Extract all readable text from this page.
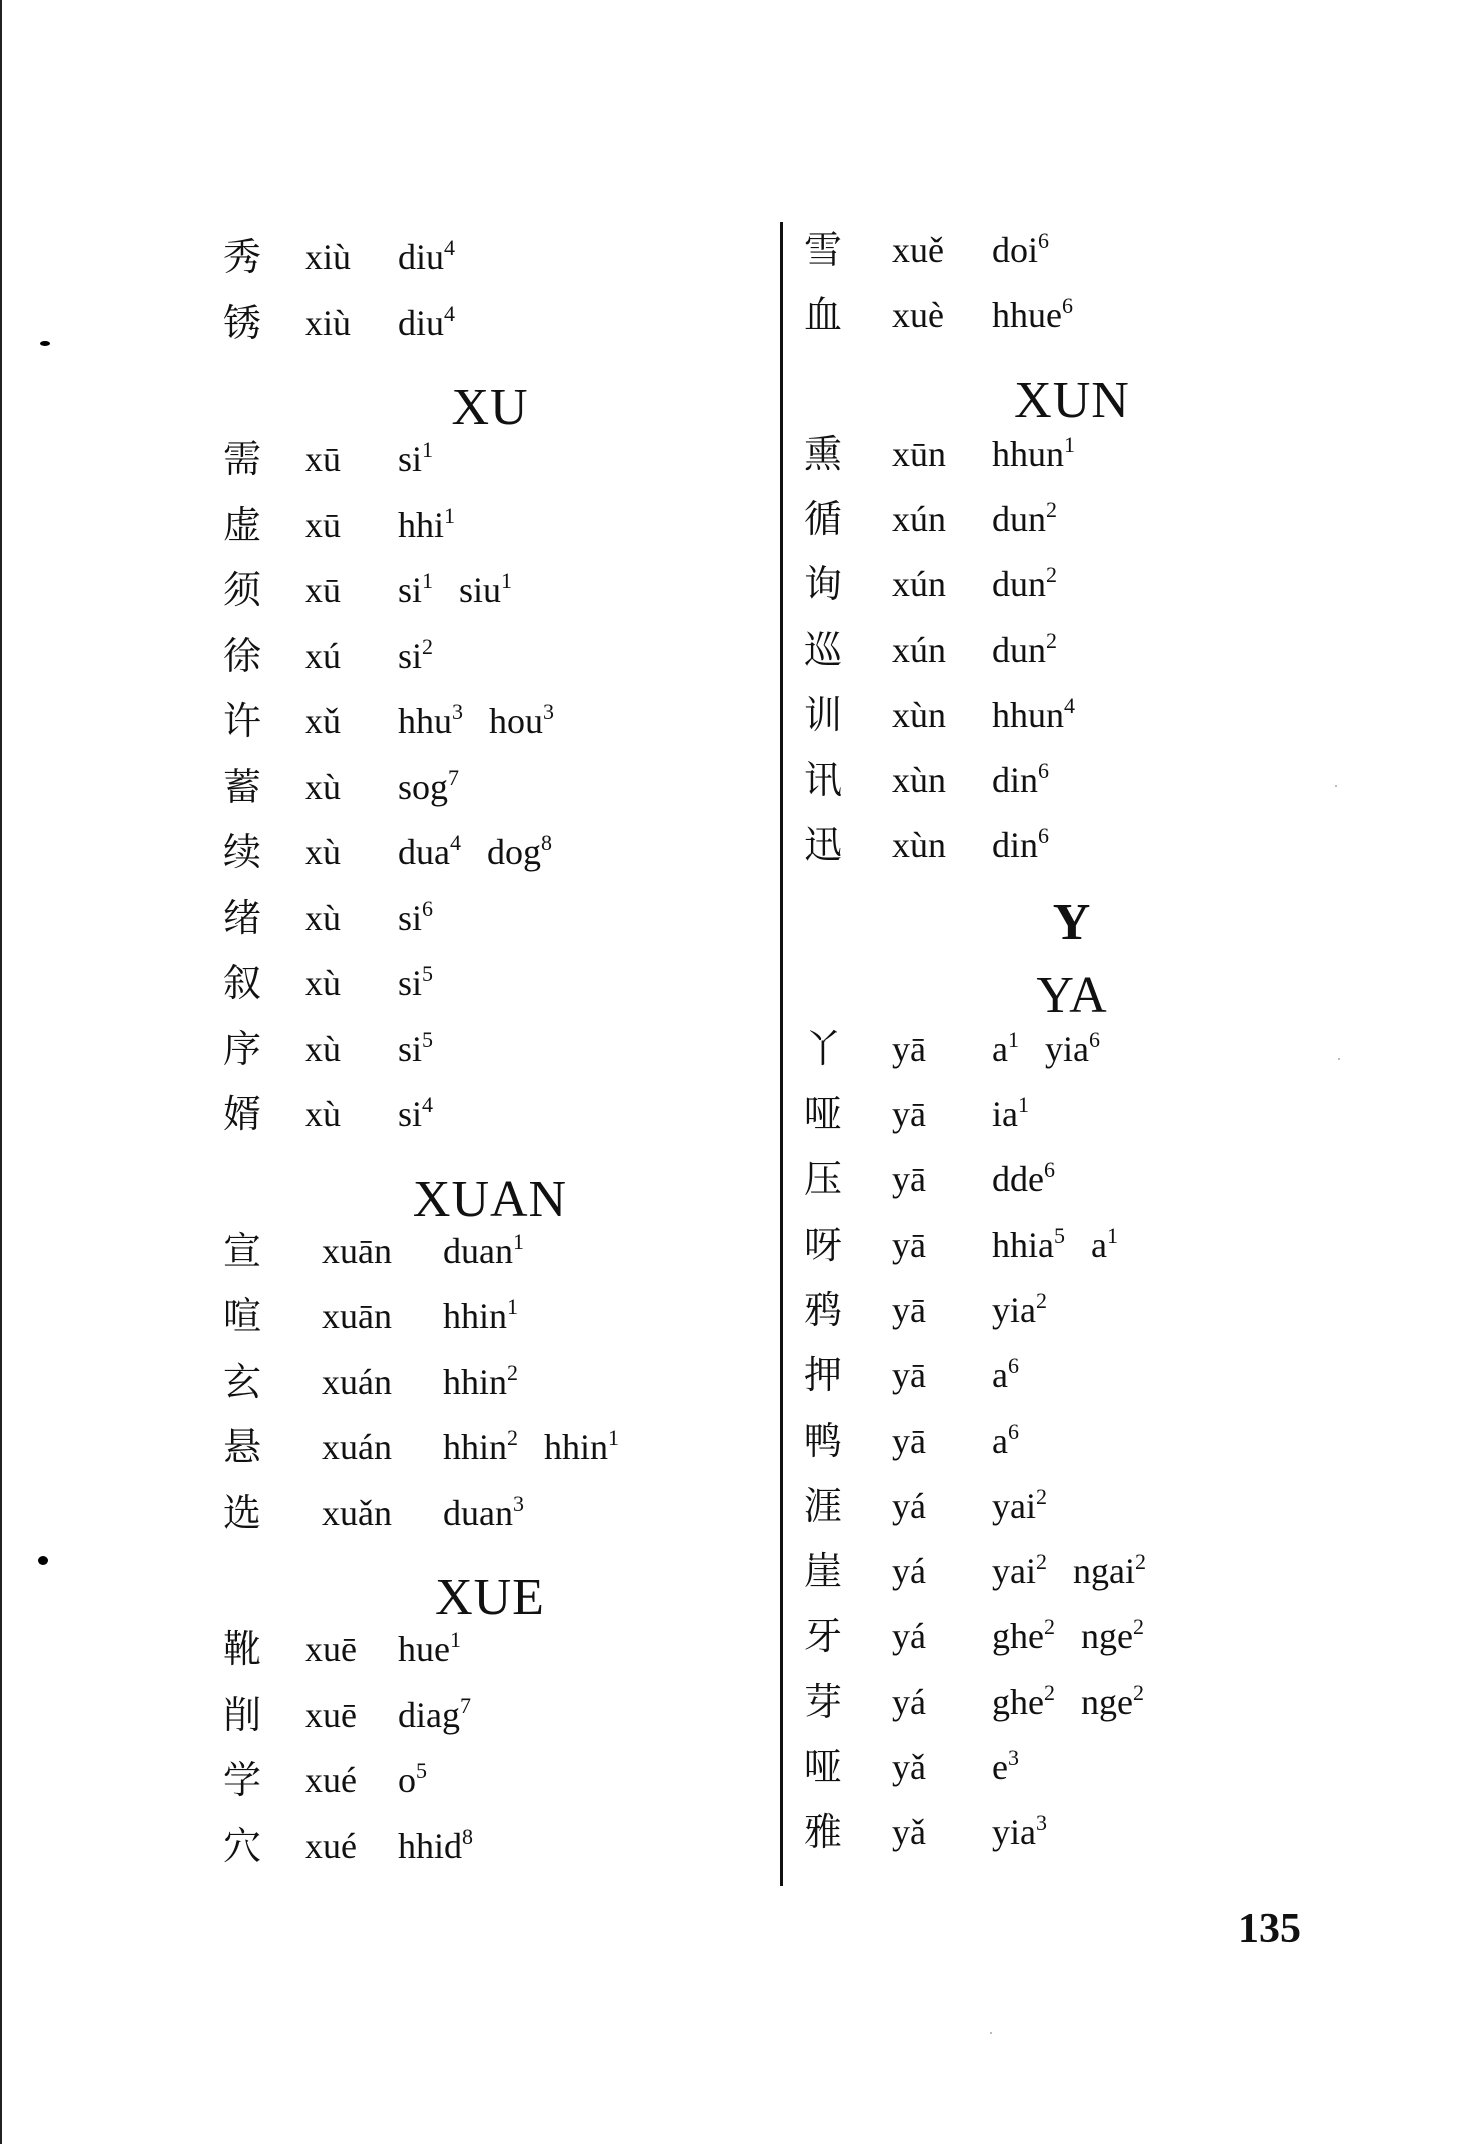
秀 xiù diu$^4$
锈 xiù diu$^4$
XU
需 xū $si^1$
虚 xū hhi$^1$
须 xū $si^1$ siu$^1$
徐 xú $si^2$
许 xǔ hhu$^3$ hou$^3$
蓄 xù sog$^7$
续 xù dua$^4$ dog$^8$
绪 xù $si^6$
叙 xù $si^5$
序 xù $si^5$
婿 xù $si^4$
XUAN
宣 xuān duan$^1$
喧 xuān hhin$^1$
玄 xuán hhin$^2$
悬 xuán hhin$^2$ hhin$^1$
选 xuǎn duan$^3$
XUE
靴 xuē hue$^1$
削 xuē diag$^7$
学 xué $o^5$
穴 xué hhid$^8$
雪 xuě doi$^6$
血 xuè hhue$^6$
XUN
熏 xūn hhun$^1$
循 xún dun$^2$
询 xún dun$^2$
巡 xún dun$^2$
训 xùn hhun$^4$
讯 xùn din$^6$
迅 xùn din$^6$
Y
YA
丫 yā $a^1$ yia$^6$
哑 yā $ia^1$
压 yā dde$^6$
呀 yā hhia$^5$ $a^1$
鸦 yā yia$^2$
押 yā $a^6$
鸭 yā $a^6$
涯 yá yai$^2$
崖 yá yai$^2$ ngai$^2$
牙 yá ghe$^2$ nge$^2$
芽 yá ghe$^2$ nge$^2$
哑 yǎ $e^3$
雅 yǎ yia$^3$
135
